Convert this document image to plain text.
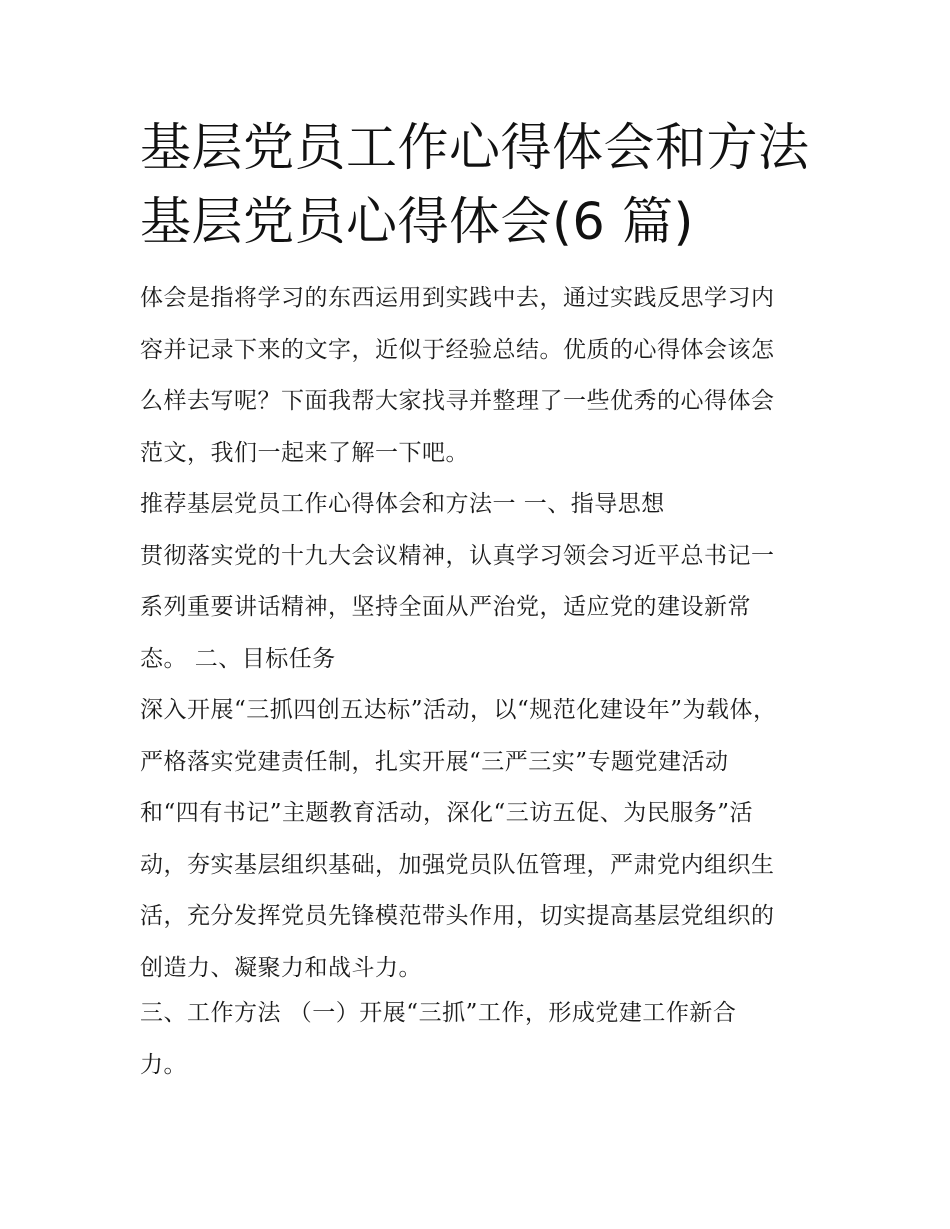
基层党员工作心得体会和方法
基层党员心得体会(6 篇)
体会是指将学习的东西运用到实践中去，通过实践反思学习内
容并记录下来的文字，近似于经验总结。优质的心得体会该怎
么样去写呢？下面我帮大家找寻并整理了一些优秀的心得体会
范文，我们一起来了解一下吧。
推荐基层党员工作心得体会和方法一 一、指导思想
贯彻落实党的十九大会议精神，认真学习领会习近平总书记一
系列重要讲话精神，坚持全面从严治党，适应党的建设新常
态。 二、目标任务
深入开展“三抓四创五达标”活动，以“规范化建设年”为载体，
严格落实党建责任制，扎实开展“三严三实”专题党建活动
和“四有书记”主题教育活动，深化“三访五促、为民服务”活
动，夯实基层组织基础，加强党员队伍管理，严肃党内组织生
活，充分发挥党员先锋模范带头作用，切实提高基层党组织的
创造力、凝聚力和战斗力。
三、工作方法 （一）开展“三抓”工作，形成党建工作新合
力。
